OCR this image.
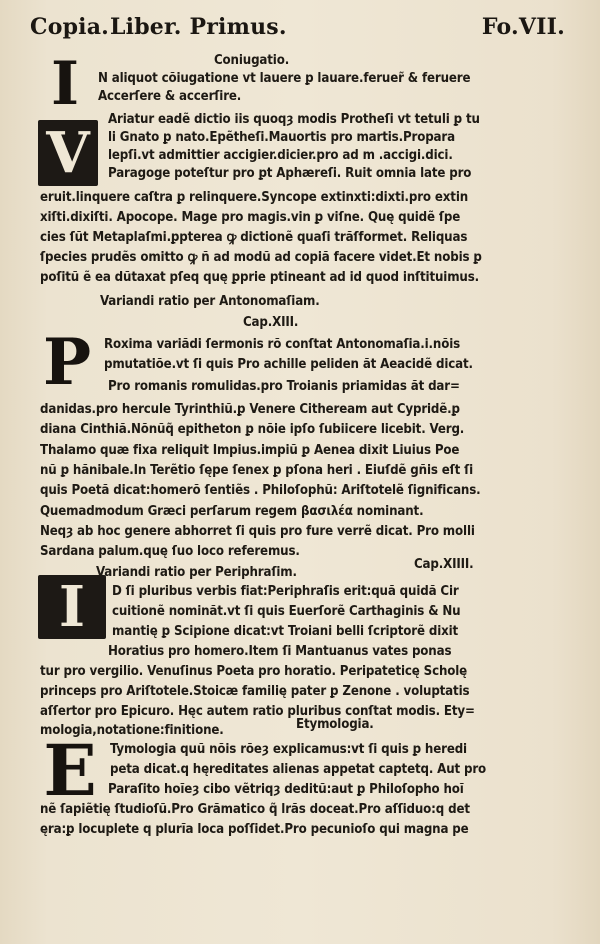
Copia. Liber. Primus.	Fo.VII.
I
V
P
I
E
Coniugatio.
N aliquot cõiugatione vt lauere ꝑ lauare.feruer̃ & feruere
Accerſere & accerſire.
Ariatur eadẽ dictio iis quoqȝ modis Protheſi vt tetuli ꝑ tu
li Gnato ꝑ nato.Epẽtheſi.Mauortis pro martis.Propara
lepſi.vt admittier accigier.dicier.pro ad m .accigi.dici.
Paragoge poteſtur pro ꝑt Aphæreſi. Ruit omnia late pro
eruit.linquere caſtra ꝑ relinquere.Syncope extinxti:dixti.pro extin
xiſti.dixiſti. Apocope. Mage pro magis.vin ꝑ viſne. Quę quidẽ ſpe
cies ſũt Metaplaſmi.ꝑpterea ꝙ dictionẽ quaſi trãſformet. Reliquas
ſpecies prudẽs omitto ꝙ ñ ad modũ ad copiã facere videt.Et nobis ꝑ
poſitũ ẽ ea dũtaxat pſeq quę ꝑprie ptineant ad id quod inſtituimus.
Variandi ratio per Antonomaſiam.
Cap.XIII.
Roxima variãdi ſermonis rõ conſtat Antonomaſia.i.nõis
pmutatiõe.vt ſi quis Pro achille peliden ãt Aeacidẽ dicat.
Pro romanis romulidas.pro Troianis priamidas ãt dar=
danidas.pro hercule Tyrinthiũ.ꝑ Venere Citheream aut Cypridẽ.ꝑ
diana Cinthiã.Nõnũq̃ epitheton ꝑ nõie ipſo ſubiicere licebit. Verg.
Thalamo quæ fixa reliquit Impius.impiũ ꝑ Aenea dixit Liuius Poe
nũ ꝑ hãnibale.In Terẽtio ſępe ſenex ꝑ pſona heri . Eiuſdẽ gñis eſt ſi
quis Poetã dicat:homerõ ſentiẽs . Philoſophũ: Ariſtotelẽ ſignificans.
Quemadmodum Græci perſarum regem βασιλέα nominant.
Neqȝ ab hoc genere abhorret ſi quis pro fure verrẽ dicat. Pro molli
Sardana palum.quę ſuo loco referemus.
Variandi ratio per Periphraſim.
Cap.XIIII.
D ſi pluribus verbis fiat:Periphraſis erit:quã quidã Cir
cuitionẽ nominãt.vt ſi quis Euerſorẽ Carthaginis & Nu
mantię ꝑ Scipione dicat:vt Troiani belli ſcriptorẽ dixit
Horatius pro homero.Item ſi Mantuanus vates ponas
tur pro vergilio. Venuſinus Poeta pro horatio. Peripateticę Scholę
princeps pro Ariſtotele.Stoicæ familię pater ꝑ Zenone . voluptatis
aſſertor pro Epicuro. Hęc autem ratio pluribus conſtat modis. Ety=
mologia,notatione:finitione.	Etymologia.
Tymologia quũ nõis rõeȝ explicamus:vt ſi quis ꝑ heredi
peta dicat.q hęreditates alienas appetat captetq. Aut pro
Paraſito hoĩeȝ cibo vẽtriqȝ deditũ:aut ꝑ Philoſopho hoĩ
nẽ ſapiẽtię ſtudioſũ.Pro Grãmatico q̃ lrãs doceat.Pro aſſiduo:q det
ęra:ꝑ locuplete q plurĩa loca poſſidet.Pro pecunioſo qui magna pe
